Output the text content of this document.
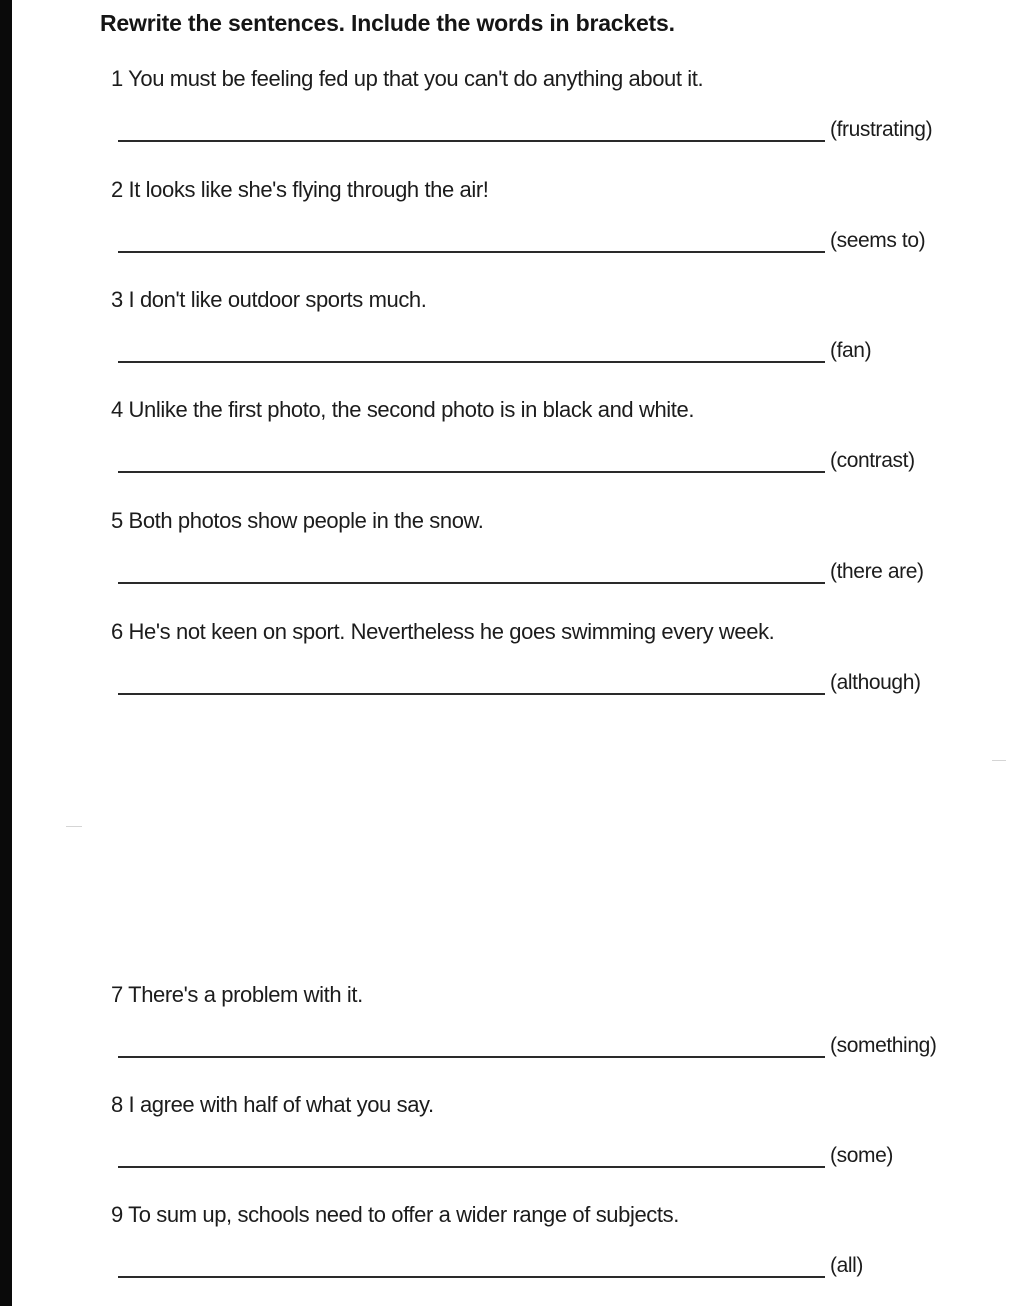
Rewrite the sentences. Include the words in brackets.
1 You must be feeling fed up that you can't do anything about it.
(frustrating)
2 It looks like she's flying through the air!
(seems to)
3 I don't like outdoor sports much.
(fan)
4 Unlike the first photo, the second photo is in black and white.
(contrast)
5 Both photos show people in the snow.
(there are)
6 He's not keen on sport. Nevertheless he goes swimming every week.
(although)
7 There's a problem with it.
(something)
8 I agree with half of what you say.
(some)
9 To sum up, schools need to offer a wider range of subjects.
(all)
